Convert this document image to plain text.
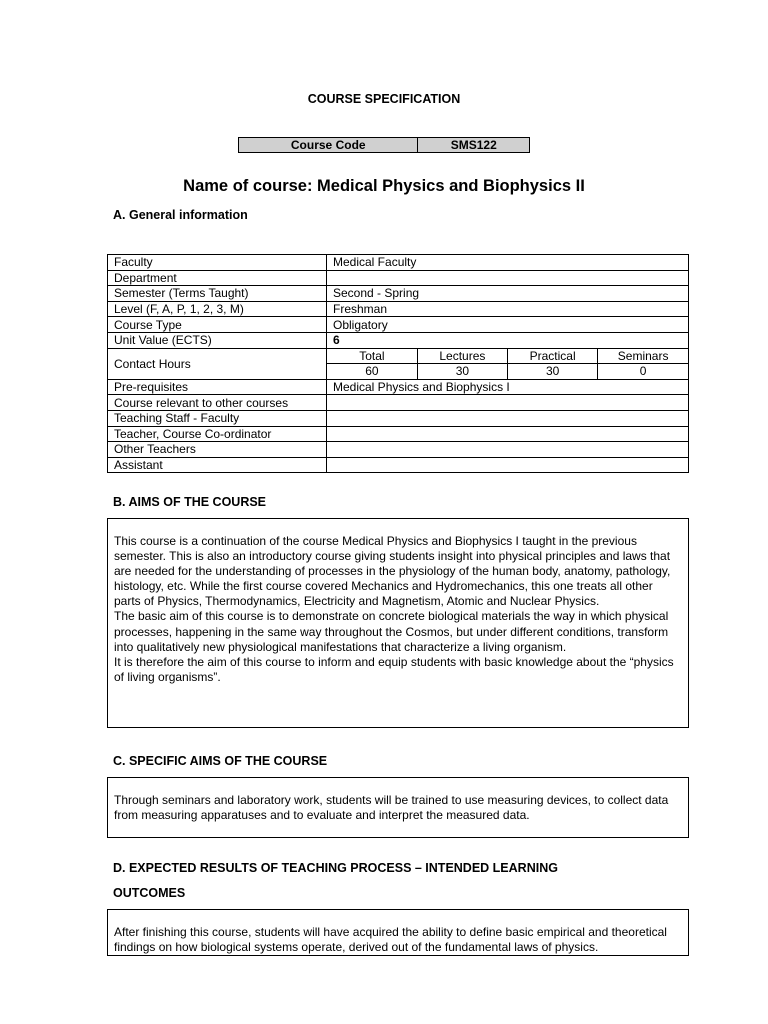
COURSE SPECIFICATION
Course Code	SMS122
Name of course: Medical Physics and Biophysics II
A. General information
Faculty	Medical Faculty
Department	
Semester (Terms Taught)	Second - Spring
Level (F, A, P, 1, 2, 3, M)	Freshman
Course Type	Obligatory
Unit Value (ECTS)	6
Contact Hours	
Total	Lectures	Practical	Seminars
60	30	30	0

Pre-requisites	Medical Physics and Biophysics I
Course relevant to other courses	
Teaching Staff - Faculty	
Teacher, Course Co-ordinator	
Other Teachers	
Assistant	
B. AIMS OF THE COURSE

This course is a continuation of the course Medical Physics and Biophysics I taught in the previous semester. This is also an introductory course giving students insight into physical principles and laws that are needed for the understanding of processes in the physiology of the human body, anatomy, pathology, histology, etc. While the first course covered Mechanics and Hydromechanics, this one treats all other parts of Physics, Thermodynamics, Electricity and Magnetism, Atomic and Nuclear Physics.

The basic aim of this course is to demonstrate on concrete biological materials the way in which physical processes, happening in the same way throughout the Cosmos, but under different conditions, transform into qualitatively new physiological manifestations that characterize a living organism.

It is therefore the aim of this course to inform and equip students with basic knowledge about the “physics of living organisms”.

C. SPECIFIC AIMS OF THE COURSE

Through seminars and laboratory work, students will be trained to use measuring devices, to collect data from measuring apparatuses and to evaluate and interpret the measured data.

D. EXPECTED RESULTS OF TEACHING PROCESS – INTENDED LEARNING
OUTCOMES

After finishing this course, students will have acquired the ability to define basic empirical and theoretical findings on how biological systems operate, derived out of the fundamental laws of physics.
